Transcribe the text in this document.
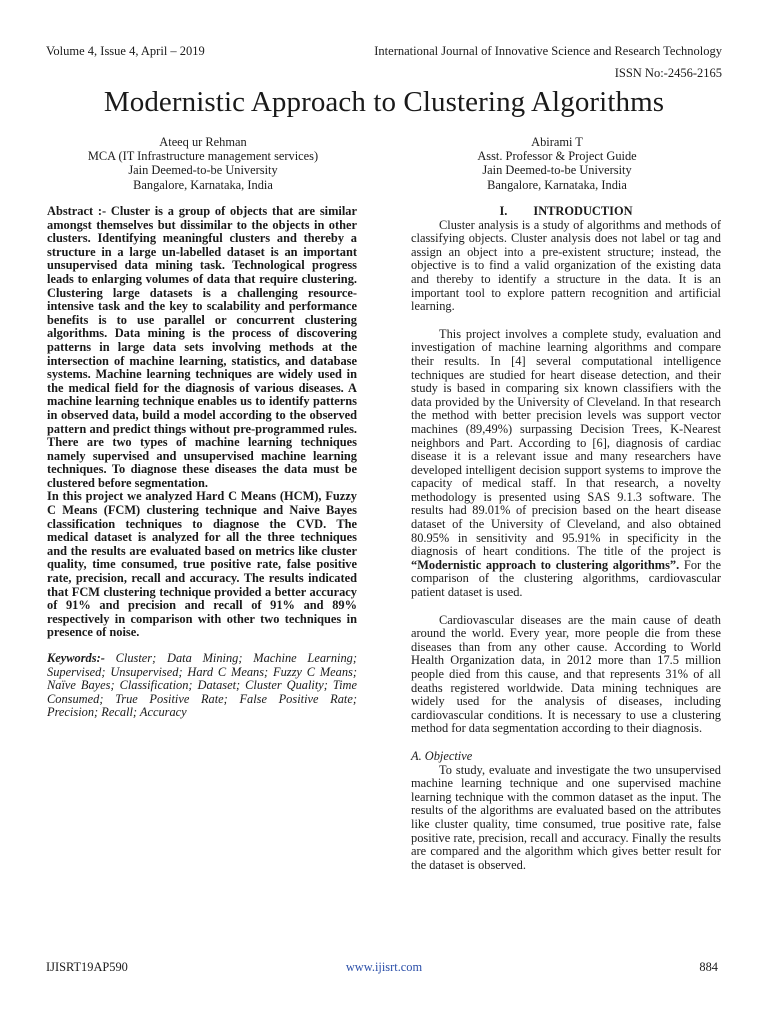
Volume 4, Issue 4, April – 2019	International Journal of Innovative Science and Research Technology
ISSN No:-2456-2165
Modernistic Approach to Clustering Algorithms
Ateeq ur Rehman
MCA (IT Infrastructure management services)
Jain Deemed-to-be University
Bangalore, Karnataka, India
Abirami T
Asst. Professor & Project Guide
Jain Deemed-to-be University
Bangalore, Karnataka, India

Abstract :- Cluster is a group of objects that are similar amongst themselves but dissimilar to the objects in other clusters. Identifying meaningful clusters and thereby a structure in a large un-labelled dataset is an important unsupervised data mining task. Technological progress leads to enlarging volumes of data that require clustering. Clustering large datasets is a challenging resource-intensive task and the key to scalability and performance benefits is to use parallel or concurrent clustering algorithms. Data mining is the process of discovering patterns in large data sets involving methods at the intersection of machine learning, statistics, and database systems. Machine learning techniques are widely used in the medical field for the diagnosis of various diseases. A machine learning technique enables us to identify patterns in observed data, build a model according to the observed pattern and predict things without pre-programmed rules. There are two types of machine learning techniques namely supervised and unsupervised machine learning techniques. To diagnose these diseases the data must be clustered before segmentation.

In this project we analyzed Hard C Means (HCM), Fuzzy C Means (FCM) clustering technique and Naive Bayes classification techniques to diagnose the CVD. The medical dataset is analyzed for all the three techniques and the results are evaluated based on metrics like cluster quality, time consumed, true positive rate, false positive rate, precision, recall and accuracy. The results indicated that FCM clustering technique provided a better accuracy of 91% and precision and recall of 91% and 89% respectively in comparison with other two techniques in presence of noise.

Keywords:- Cluster; Data Mining; Machine Learning; Supervised; Unsupervised; Hard C Means; Fuzzy C Means; Naïve Bayes; Classification; Dataset; Cluster Quality; Time Consumed; True Positive Rate; False Positive Rate; Precision; Recall; Accuracy

I. INTRODUCTION

Cluster analysis is a study of algorithms and methods of classifying objects. Cluster analysis does not label or tag and assign an object into a pre-existent structure; instead, the objective is to find a valid organization of the existing data and thereby to identify a structure in the data. It is an important tool to explore pattern recognition and artificial learning.

This project involves a complete study, evaluation and investigation of machine learning algorithms and compare their results. In [4] several computational intelligence techniques are studied for heart disease detection, and their study is based in comparing six known classifiers with the data provided by the University of Cleveland. In that research the method with better precision levels was support vector machines (89,49%) surpassing Decision Trees, K-Nearest neighbors and Part. According to [6], diagnosis of cardiac disease it is a relevant issue and many researchers have developed intelligent decision support systems to improve the capacity of medical staff. In that research, a novelty methodology is presented using SAS 9.1.3 software. The results had 89.01% of precision based on the heart disease dataset of the University of Cleveland, and also obtained 80.95% in sensitivity and 95.91% in specificity in the diagnosis of heart conditions. The title of the project is “Modernistic approach to clustering algorithms”. For the comparison of the clustering algorithms, cardiovascular patient dataset is used.

Cardiovascular diseases are the main cause of death around the world. Every year, more people die from these diseases than from any other cause. According to World Health Organization data, in 2012 more than 17.5 million people died from this cause, and that represents 31% of all deaths registered worldwide. Data mining techniques are widely used for the analysis of diseases, including cardiovascular conditions. It is necessary to use a clustering method for data segmentation according to their diagnosis.

A. Objective

To study, evaluate and investigate the two unsupervised machine learning technique and one supervised machine learning technique with the common dataset as the input. The results of the algorithms are evaluated based on the attributes like cluster quality, time consumed, true positive rate, false positive rate, precision, recall and accuracy. Finally the results are compared and the algorithm which gives better result for the dataset is observed.

IJISRT19AP590	www.ijisrt.com	884
